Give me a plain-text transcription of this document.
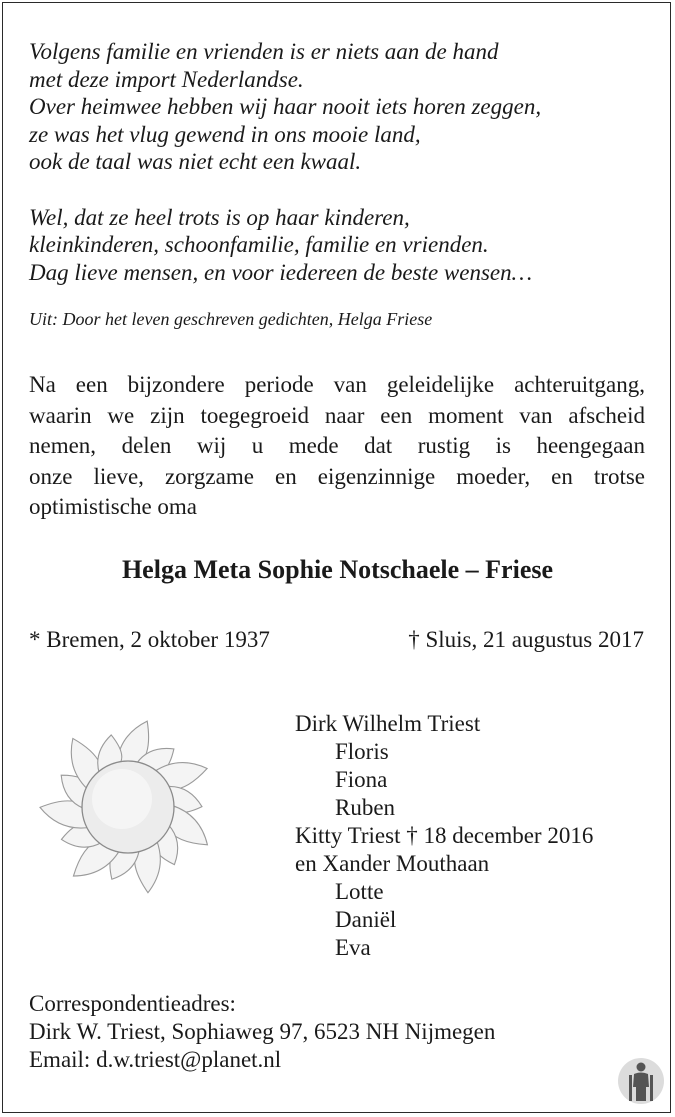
Volgens familie en vrienden is er niets aan de hand
met deze import Nederlandse.
Over heimwee hebben wij haar nooit iets horen zeggen,
ze was het vlug gewend in ons mooie land,
ook de taal was niet echt een kwaal.
Wel, dat ze heel trots is op haar kinderen,
kleinkinderen, schoonfamilie, familie en vrienden.
Dag lieve mensen, en voor iedereen de beste wensen…
Uit: Door het leven geschreven gedichten, Helga Friese
Na een bijzondere periode van geleidelijke achteruitgang,
waarin we zijn toegegroeid naar een moment van afscheid
nemen, delen wij u mede dat rustig is heengegaan
onze lieve, zorgzame en eigenzinnige moeder, en trotse
optimistische oma
Helga Meta Sophie Notschaele – Friese
* Bremen, 2 oktober 1937	† Sluis, 21 augustus 2017
Dirk Wilhelm Triest
Floris
Fiona
Ruben
Kitty Triest † 18 december 2016
en Xander Mouthaan
Lotte
Daniël
Eva
Correspondentieadres:
Dirk W. Triest, Sophiaweg 97, 6523 NH Nijmegen
Email: d.w.triest@planet.nl
